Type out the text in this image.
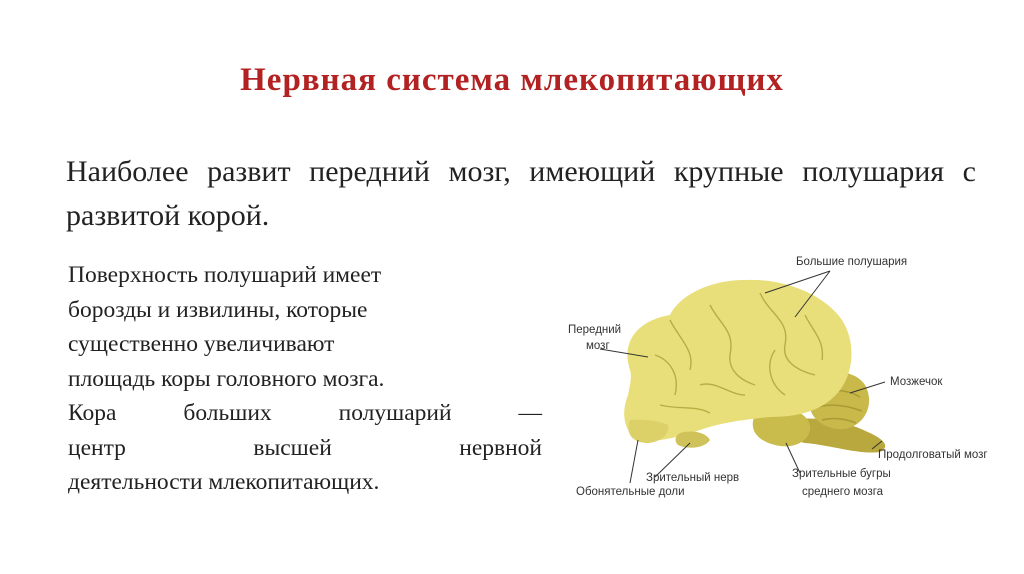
Нервная система млекопитающих

Наиболее развит передний мозг, имеющий крупные полушария с развитой корой.

Поверхность полушарий имеет
борозды и извилины, которые
существенно увеличивают
площадь коры головного мозга.
Кора больших полушарий —
центр высшей нервной
деятельности млекопитающих.
Большие полушария
Передний
мозг
Мозжечок
Продолговатый мозг
Зрительный нерв
Обонятельные доли
Зрительные бугры
среднего мозга
